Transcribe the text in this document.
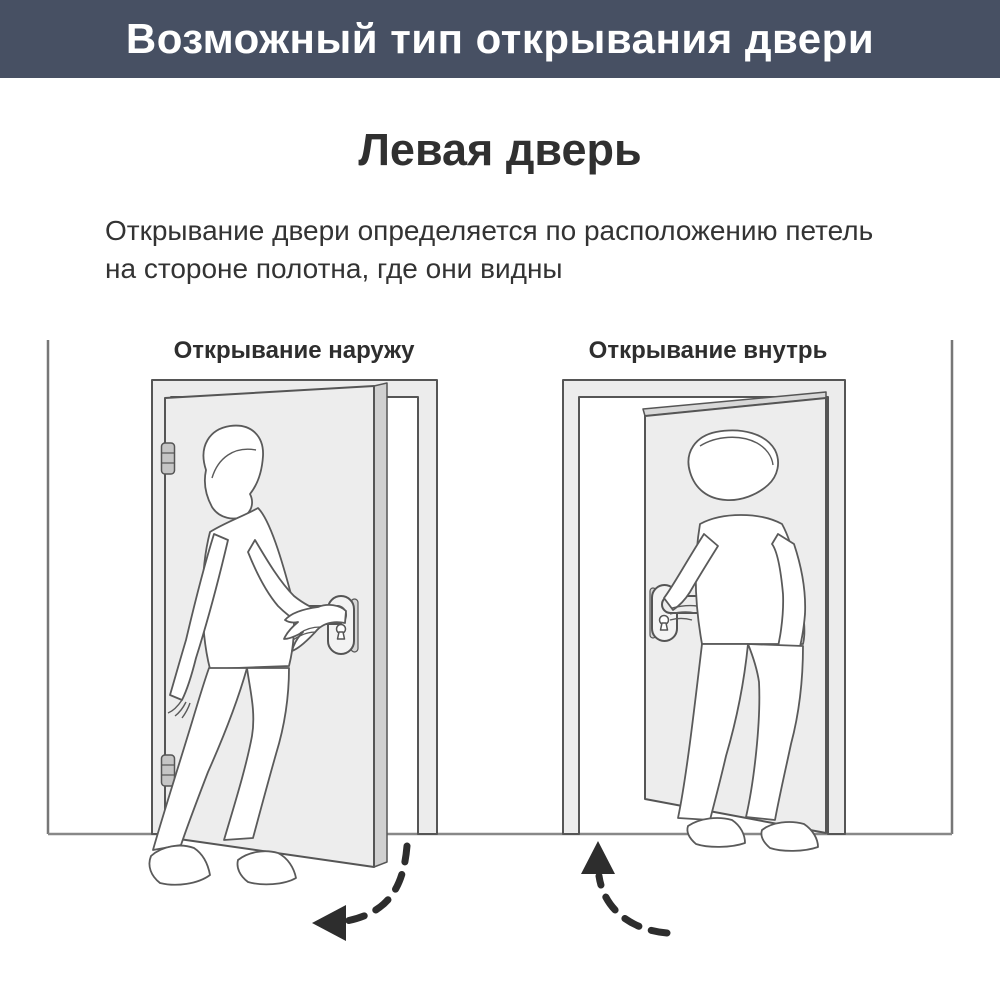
Возможный тип открывания двери
Левая дверь
Открывание двери определяется по расположению петель
на стороне полотна, где они видны
Открывание наружу	Открывание внутрь
